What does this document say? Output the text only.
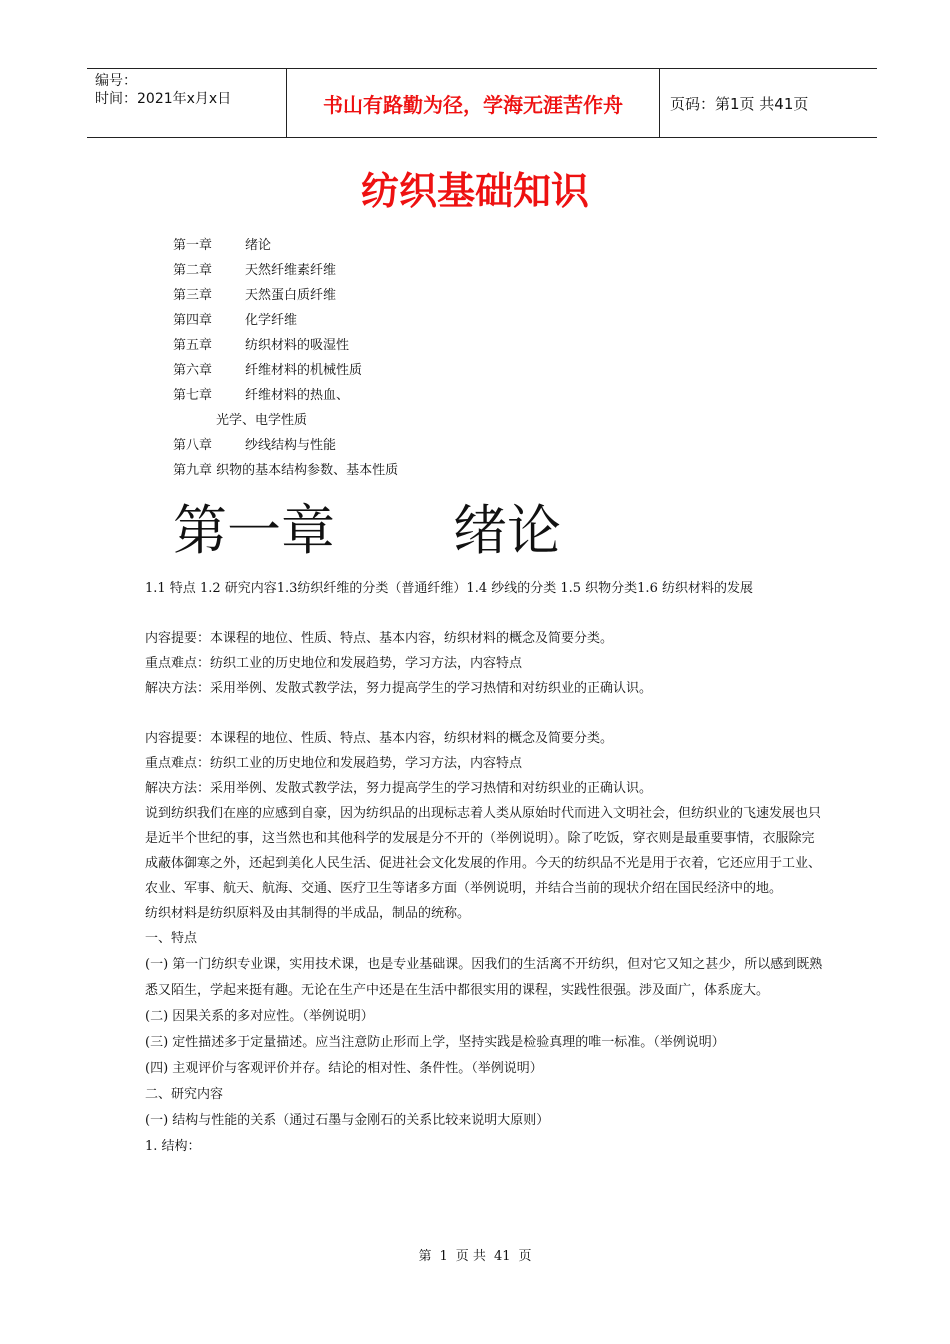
编号：
时间：2021年x月x日	书山有路勤为径，学海无涯苦作舟	页码：第1页 共41页
纺织基础知识
第一章	绪论
第二章	天然纤维素纤维
第三章	天然蛋白质纤维
第四章	化学纤维
第五章	纺织材料的吸湿性
第六章	纤维材料的机械性质
第七章	纤维材料的热血、
光学、电学性质
第八章	纱线结构与性能
第九章 织物的基本结构参数、基本性质
第一章 绪论

1.1 特点 1.2 研究内容1.3纺织纤维的分类（普通纤维）1.4 纱线的分类 1.5 织物分类1.6 纺织材料的发展

内容提要：本课程的地位、性质、特点、基本内容，纺织材料的概念及简要分类。

重点难点：纺织工业的历史地位和发展趋势，学习方法，内容特点

解决方法：采用举例、发散式教学法，努力提高学生的学习热情和对纺织业的正确认识。

内容提要：本课程的地位、性质、特点、基本内容，纺织材料的概念及简要分类。

重点难点：纺织工业的历史地位和发展趋势，学习方法，内容特点

解决方法：采用举例、发散式教学法，努力提高学生的学习热情和对纺织业的正确认识。

说到纺织我们在座的应感到自豪，因为纺织品的出现标志着人类从原始时代而进入文明社会，但纺织业的飞速发展也只是近半个世纪的事，这当然也和其他科学的发展是分不开的（举例说明）。除了吃饭，穿衣则是最重要事情，衣服除完成蔽体御寒之外，还起到美化人民生活、促进社会文化发展的作用。今天的纺织品不光是用于衣着，它还应用于工业、农业、军事、航天、航海、交通、医疗卫生等诸多方面（举例说明，并结合当前的现状介绍在国民经济中的地。

纺织材料是纺织原料及由其制得的半成品，制品的统称。

一、特点

(一) 第一门纺织专业课，实用技术课，也是专业基础课。因我们的生活离不开纺织，但对它又知之甚少，所以感到既熟悉又陌生，学起来挺有趣。无论在生产中还是在生活中都很实用的课程，实践性很强。涉及面广，体系庞大。

(二) 因果关系的多对应性。（举例说明）

(三) 定性描述多于定量描述。应当注意防止形而上学，坚持实践是检验真理的唯一标准。（举例说明）

(四) 主观评价与客观评价并存。结论的相对性、条件性。（举例说明）

二、研究内容

(一) 结构与性能的关系（通过石墨与金刚石的关系比较来说明大原则）

1. 结构：

第 1 页 共 41 页
